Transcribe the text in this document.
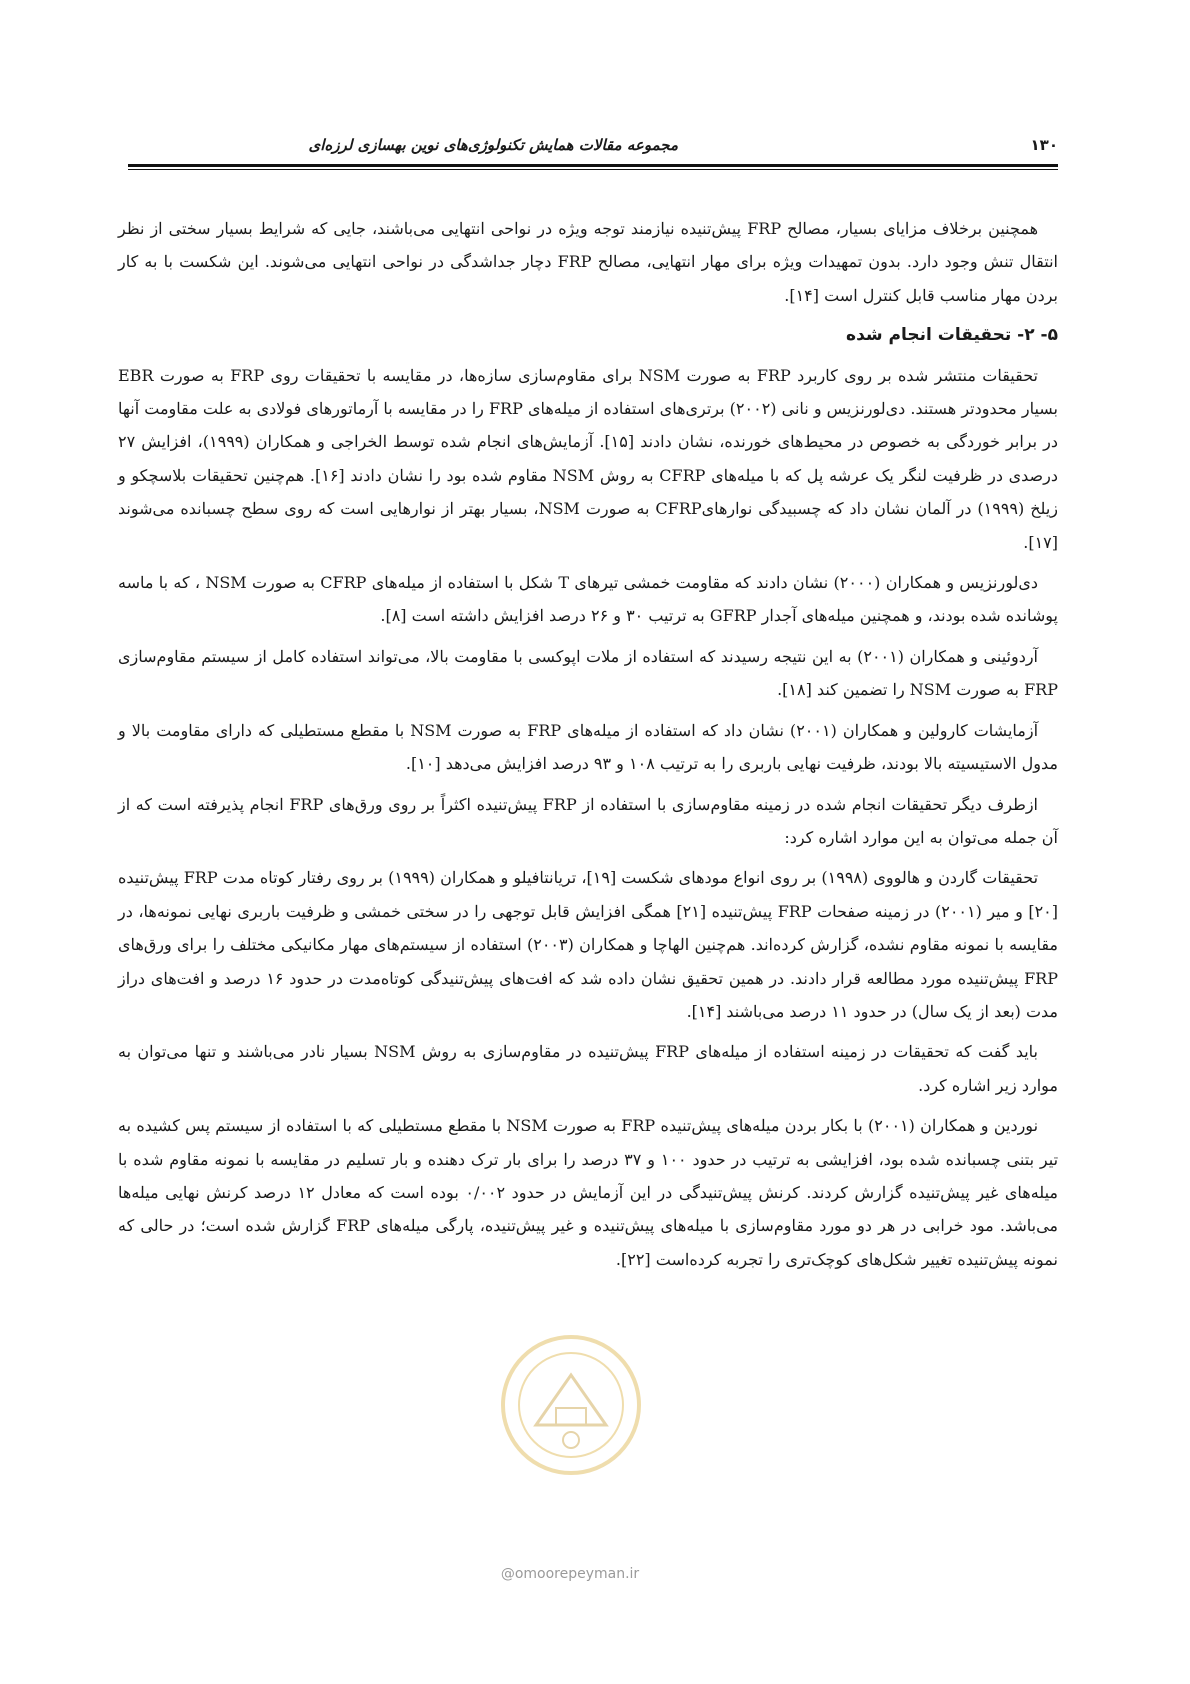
۱۳۰
مجموعه مقالات همایش تکنولوژی‌های نوین بهسازی لرزه‌ای

همچنین برخلاف مزایای بسیار، مصالح FRP پیش‌تنیده نیازمند توجه ویژه در نواحی انتهایی می‌باشند، جایی که شرایط بسیار سختی از نظر انتقال تنش وجود دارد. بدون تمهیدات ویژه برای مهار انتهایی، مصالح FRP دچار جداشدگی در نواحی انتهایی می‌شوند. این شکست با به کار بردن مهار مناسب قابل کنترل است [۱۴].

۵- ۲- تحقیقات انجام شده

تحقیقات منتشر شده بر روی کاربرد FRP به صورت NSM برای مقاوم‌سازی سازه‌ها، در مقایسه با تحقیقات روی FRP به صورت EBR بسیار محدودتر هستند. دی‌لورنزیس و نانی (۲۰۰۲) برتری‌های استفاده از میله‌های FRP را در مقایسه با آرماتورهای فولادی به علت مقاومت آنها در برابر خوردگی به خصوص در محیط‌های خورنده، نشان دادند [۱۵]. آزمایش‌های انجام شده توسط الخراجی و همکاران (۱۹۹۹)، افزایش ۲۷ درصدی در ظرفیت لنگر یک عرشه پل که با میله‌های CFRP به روش NSM مقاوم شده بود را نشان دادند [۱۶]. هم‌چنین تحقیقات بلاسچکو و زیلخ (۱۹۹۹) در آلمان نشان داد که چسبیدگی نوارهایCFRP به صورت NSM، بسیار بهتر از نوارهایی است که روی سطح چسبانده می‌شوند [۱۷].

دی‌لورنزیس و همکاران (۲۰۰۰) نشان دادند که مقاومت خمشی تیرهای T شکل با استفاده از میله‌های CFRP به صورت NSM ، که با ماسه پوشانده شده بودند، و همچنین میله‌های آجدار GFRP به ترتیب ۳۰ و ۲۶ درصد افزایش داشته است [۸].

آردوئینی و همکاران (۲۰۰۱) به این نتیجه رسیدند که استفاده از ملات اپوکسی با مقاومت بالا، می‌تواند استفاده کامل از سیستم مقاوم‌سازی FRP به صورت NSM را تضمین کند [۱۸].

آزمایشات کارولین و همکاران (۲۰۰۱) نشان داد که استفاده از میله‌های FRP به صورت NSM با مقطع مستطیلی که دارای مقاومت بالا و مدول الاستیسیته بالا بودند، ظرفیت نهایی باربری را به ترتیب ۱۰۸ و ۹۳ درصد افزایش می‌دهد [۱۰].

ازطرف دیگر تحقیقات انجام شده در زمینه مقاوم‌سازی با استفاده از FRP پیش‌تنیده اکثراً بر روی ورق‌های FRP انجام پذیرفته است که از آن جمله می‌توان به این موارد اشاره کرد:

تحقیقات گاردن و هالووی (۱۹۹۸) بر روی انواع مودهای شکست [۱۹]، تریانتافیلو و همکاران (۱۹۹۹) بر روی رفتار کوتاه مدت FRP پیش‌تنیده [۲۰] و میر (۲۰۰۱) در زمینه صفحات FRP پیش‌تنیده [۲۱] همگی افزایش قابل توجهی را در سختی خمشی و ظرفیت باربری نهایی نمونه‌ها، در مقایسه با نمونه مقاوم نشده، گزارش کرده‌اند. هم‌چنین الهاچا و همکاران (۲۰۰۳) استفاده از سیستم‌های مهار مکانیکی مختلف را برای ورق‌های FRP پیش‌تنیده مورد مطالعه قرار دادند. در همین تحقیق نشان داده شد که افت‌های پیش‌تنیدگی کوتاه‌مدت در حدود ۱۶ درصد و افت‌های دراز مدت (بعد از یک سال) در حدود ۱۱ درصد می‌باشند [۱۴].

باید گفت که تحقیقات در زمینه استفاده از میله‌های FRP پیش‌تنیده در مقاوم‌سازی به روش NSM بسیار نادر می‌باشند و تنها می‌توان به موارد زیر اشاره کرد.

نوردین و همکاران (۲۰۰۱) با بکار بردن میله‌های پیش‌تنیده FRP به صورت NSM با مقطع مستطیلی که با استفاده از سیستم پس کشیده به تیر بتنی چسبانده شده بود، افزایشی به ترتیب در حدود ۱۰۰ و ۳۷ درصد را برای بار ترک دهنده و بار تسلیم در مقایسه با نمونه مقاوم شده با میله‌های غیر پیش‌تنیده گزارش کردند. کرنش پیش‌تنیدگی در این آزمایش در حدود ۰/۰۰۲ بوده است که معادل ۱۲ درصد کرنش نهایی میله‌ها می‌باشد. مود خرابی در هر دو مورد مقاوم‌سازی با میله‌های پیش‌تنیده و غیر پیش‌تنیده، پارگی میله‌های FRP گزارش شده است؛ در حالی که نمونه پیش‌تنیده تغییر شکل‌های کوچک‌تری را تجربه کرده‌است [۲۲].

@omoorepeyman.ir
